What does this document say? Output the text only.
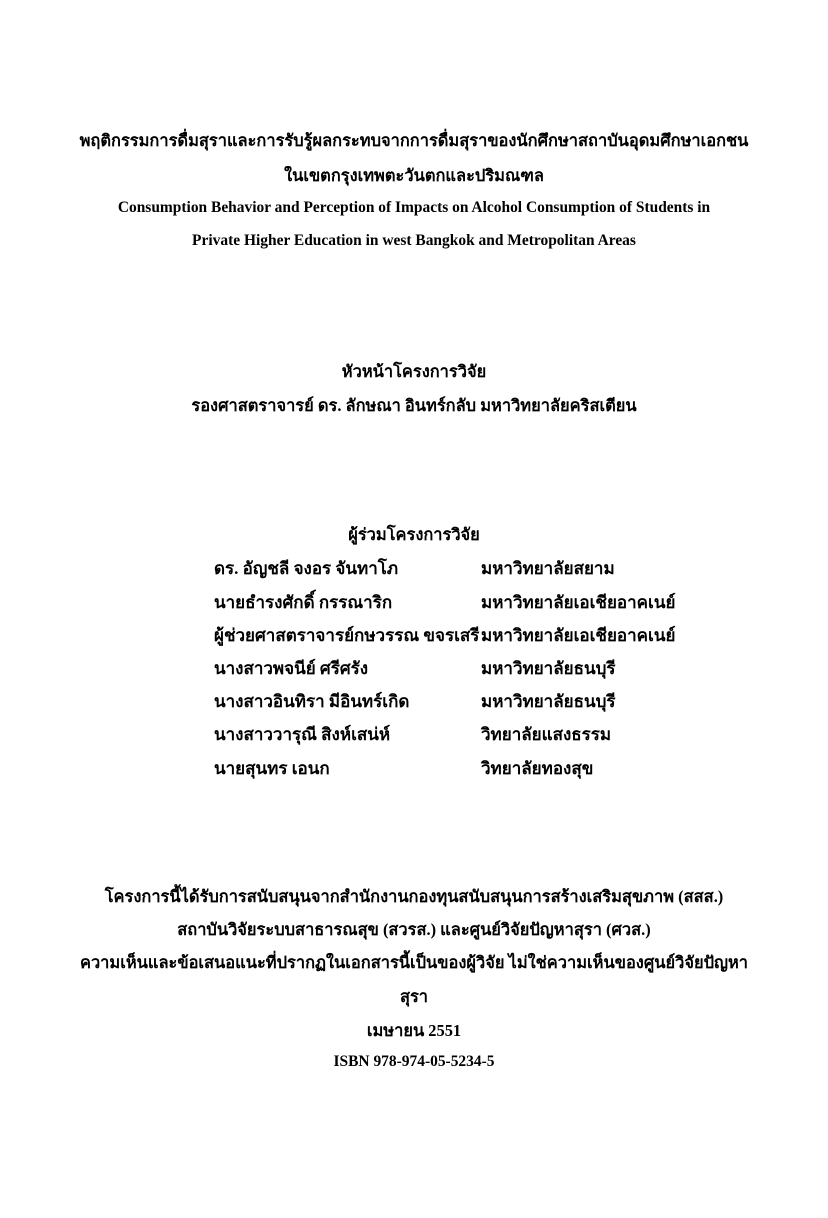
พฤติกรรมการดื่มสุราและการรับรู้ผลกระทบจากการดื่มสุราของนักศึกษาสถาบันอุดมศึกษาเอกชน
ในเขตกรุงเทพตะวันตกและปริมณฑล
Consumption Behavior and Perception of Impacts on Alcohol Consumption of Students in
Private Higher Education in west Bangkok and Metropolitan Areas
หัวหน้าโครงการวิจัย
รองศาสตราจารย์ ดร. ลักษณา อินทร์กลับ มหาวิทยาลัยคริสเตียน
ผู้ร่วมโครงการวิจัย
ดร. อัญชลี จงอร จันทาโภ	มหาวิทยาลัยสยาม
นายธำรงศักดิ์ กรรณาริก	มหาวิทยาลัยเอเชียอาคเนย์
ผู้ช่วยศาสตราจารย์กษวรรณ ขจรเสรี มหาวิทยาลัยเอเชียอาคเนย์
นางสาวพจนีย์ ศรีศรัง	มหาวิทยาลัยธนบุรี
นางสาวอินทิรา มีอินทร์เกิด	มหาวิทยาลัยธนบุรี
นางสาววารุณี สิงห์เสน่ห์	วิทยาลัยแสงธรรม
นายสุนทร เอนก	วิทยาลัยทองสุข
โครงการนี้ได้รับการสนับสนุนจากสำนักงานกองทุนสนับสนุนการสร้างเสริมสุขภาพ (สสส.)
สถาบันวิจัยระบบสาธารณสุข (สวรส.) และศูนย์วิจัยปัญหาสุรา (ศวส.)
ความเห็นและข้อเสนอแนะที่ปรากฏในเอกสารนี้เป็นของผู้วิจัย ไม่ใช่ความเห็นของศูนย์วิจัยปัญหา
สุรา
เมษายน 2551
ISBN 978-974-05-5234-5
